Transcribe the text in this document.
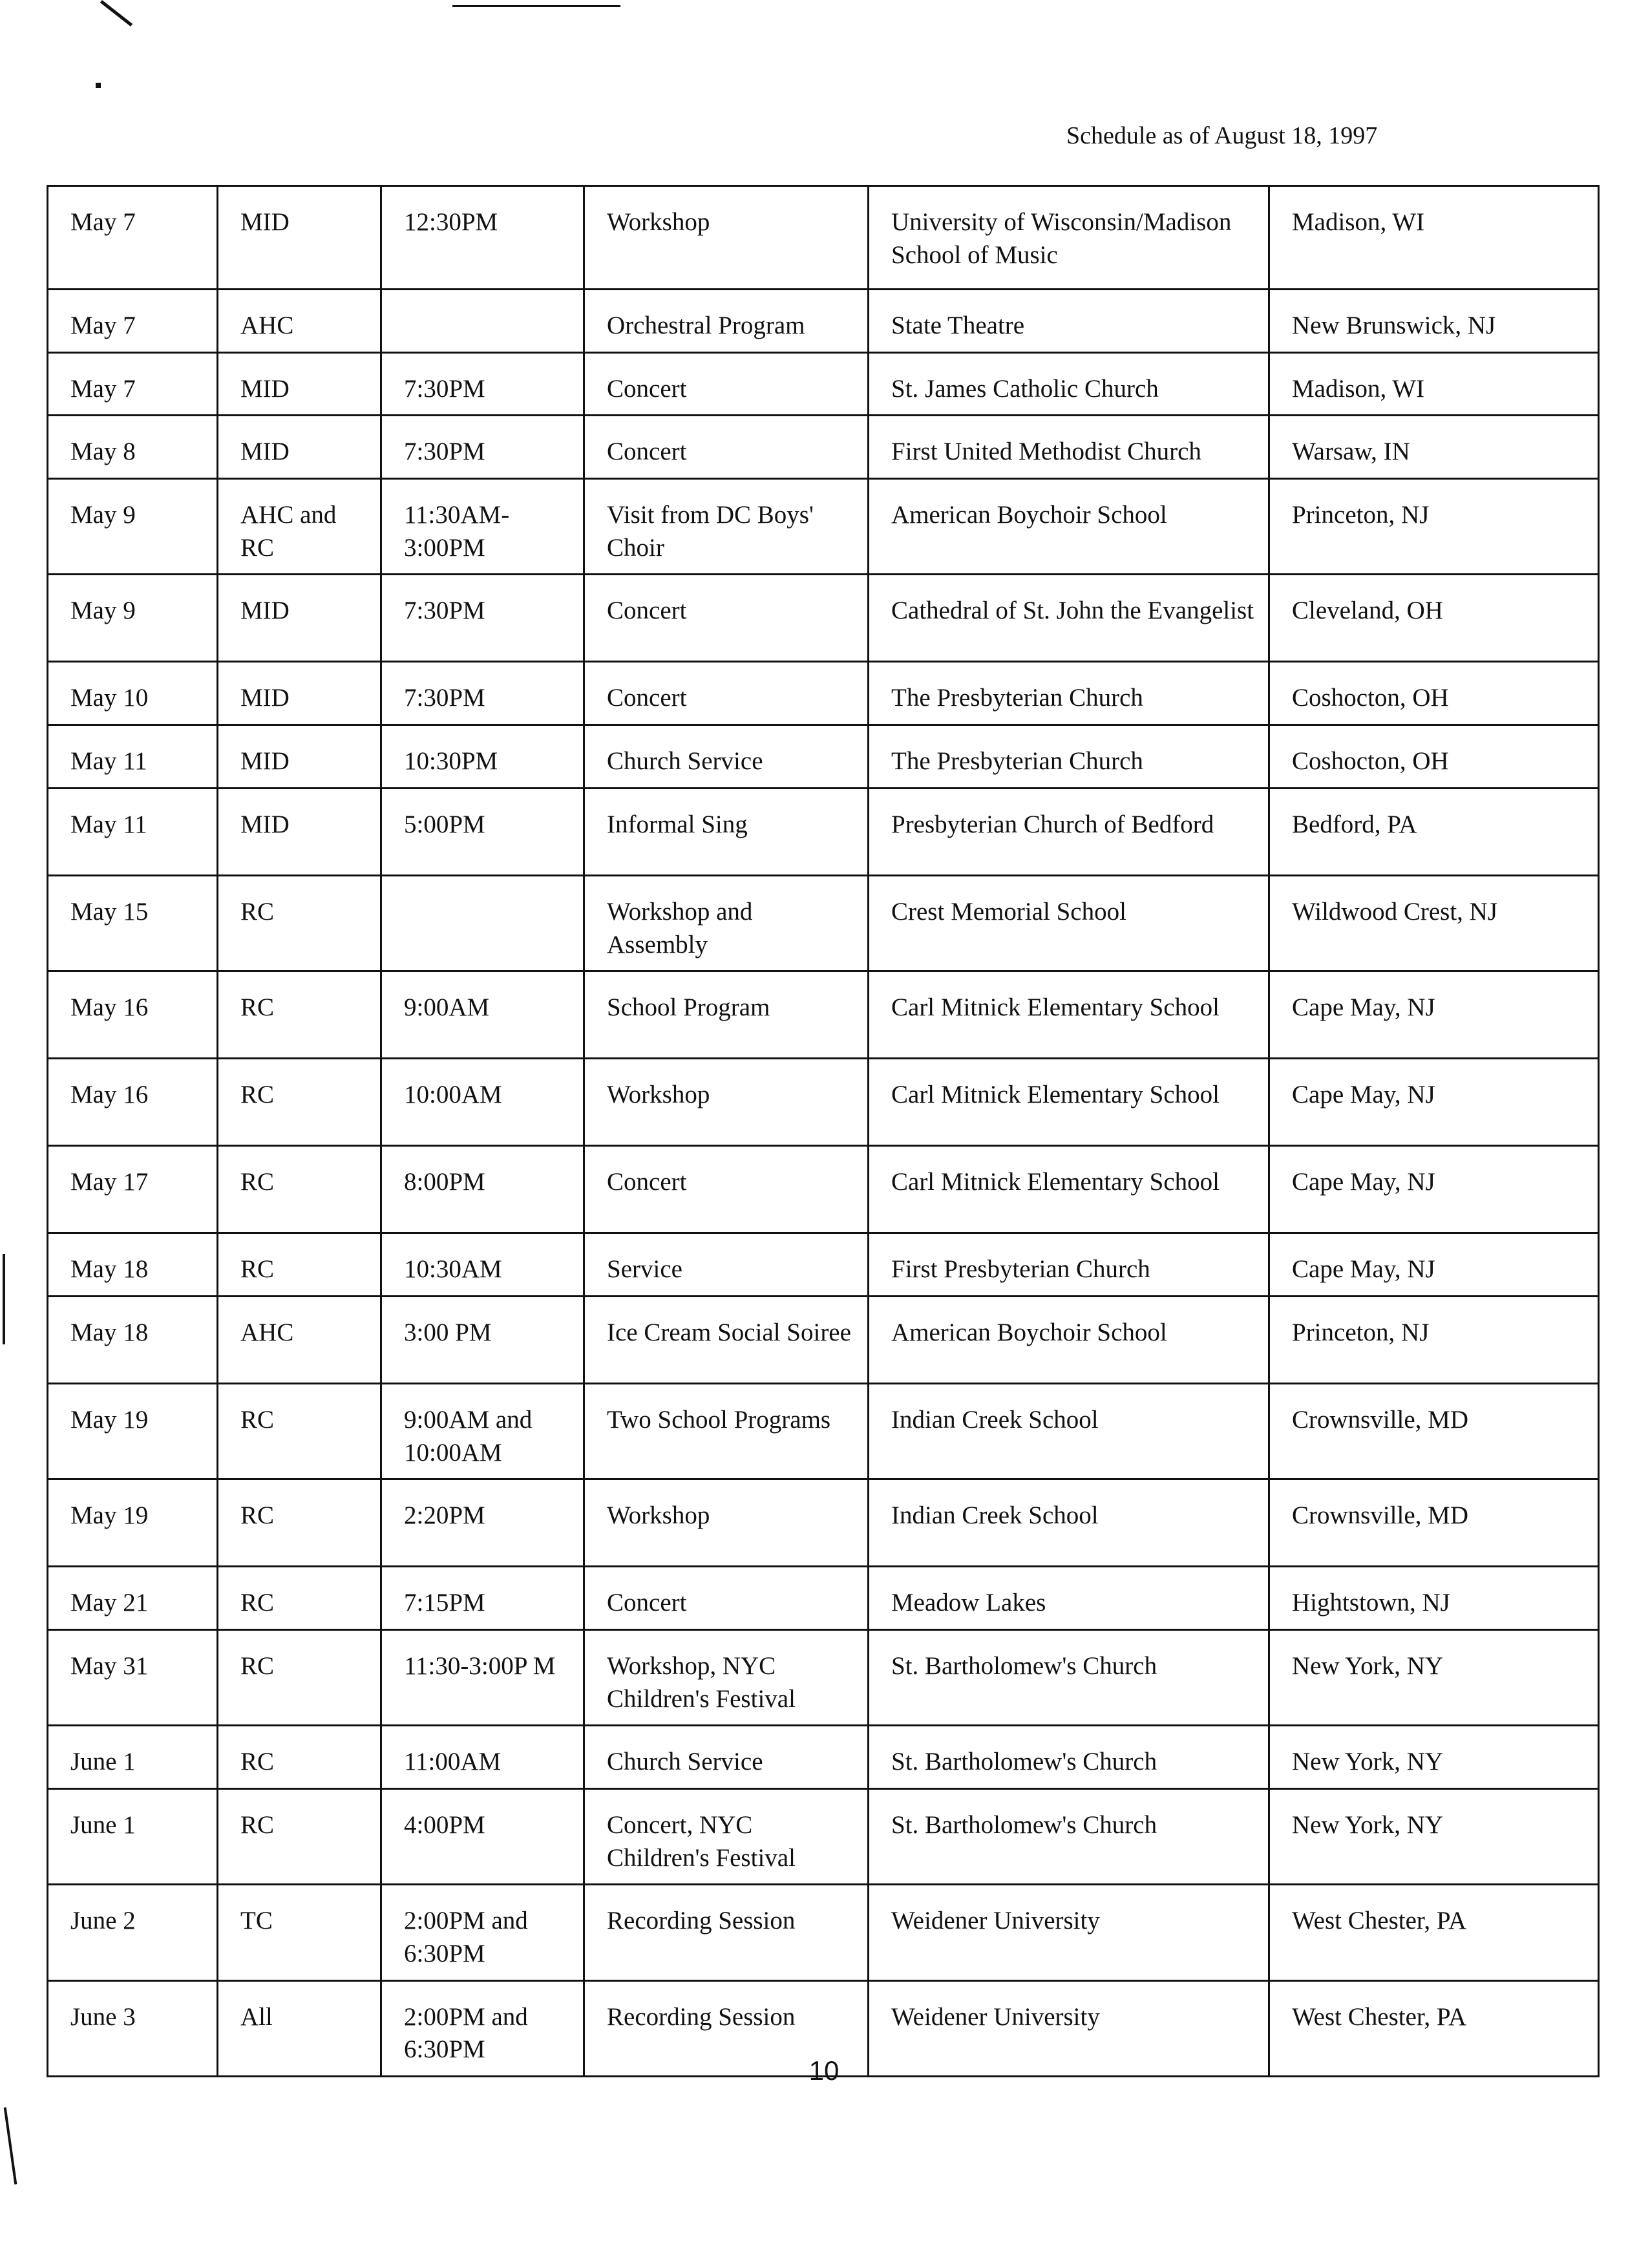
Schedule as of August 18, 1997
May 7	MID	12:30PM	Workshop	University of Wisconsin/Madison School of Music	Madison, WI
May 7	AHC		Orchestral Program	State Theatre	New Brunswick, NJ
May 7	MID	7:30PM	Concert	St. James Catholic Church	Madison, WI
May 8	MID	7:30PM	Concert	First United Methodist Church	Warsaw, IN
May 9	AHC and RC	11:30AM-3:00PM	Visit from DC Boys' Choir	American Boychoir School	Princeton, NJ
May 9	MID	7:30PM	Concert	Cathedral of St. John the Evangelist	Cleveland, OH
May 10	MID	7:30PM	Concert	The Presbyterian Church	Coshocton, OH
May 11	MID	10:30PM	Church Service	The Presbyterian Church	Coshocton, OH
May 11	MID	5:00PM	Informal Sing	Presbyterian Church of Bedford	Bedford, PA
May 15	RC		Workshop and Assembly	Crest Memorial School	Wildwood Crest, NJ
May 16	RC	9:00AM	School Program	Carl Mitnick Elementary School	Cape May, NJ
May 16	RC	10:00AM	Workshop	Carl Mitnick Elementary School	Cape May, NJ
May 17	RC	8:00PM	Concert	Carl Mitnick Elementary School	Cape May, NJ
May 18	RC	10:30AM	Service	First Presbyterian Church	Cape May, NJ
May 18	AHC	3:00 PM	Ice Cream Social Soiree	American Boychoir School	Princeton, NJ
May 19	RC	9:00AM and 10:00AM	Two School Programs	Indian Creek School	Crownsville, MD
May 19	RC	2:20PM	Workshop	Indian Creek School	Crownsville, MD
May 21	RC	7:15PM	Concert	Meadow Lakes	Hightstown, NJ
May 31	RC	11:30-3:00P M	Workshop, NYC Children's Festival	St. Bartholomew's Church	New York, NY
June 1	RC	11:00AM	Church Service	St. Bartholomew's Church	New York, NY
June 1	RC	4:00PM	Concert, NYC Children's Festival	St. Bartholomew's Church	New York, NY
June 2	TC	2:00PM and 6:30PM	Recording Session	Weidener University	West Chester, PA
June 3	All	2:00PM and 6:30PM	Recording Session	Weidener University	West Chester, PA
10
